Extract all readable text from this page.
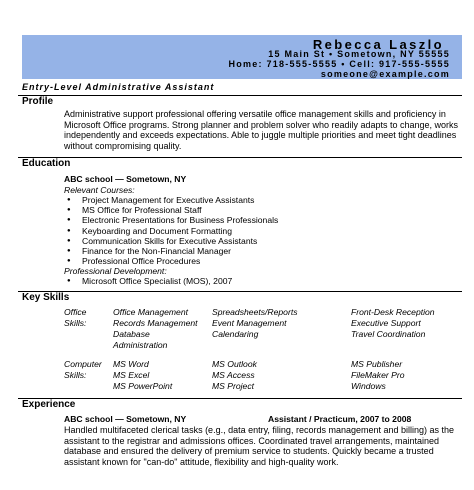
Rebecca Laszlo
15 Main St • Sometown, NY 55555
Home: 718-555-5555 • Cell: 917-555-5555
someone@example.com
Entry-Level Administrative Assistant
Profile
Administrative support professional offering versatile office management skills and proficiency in Microsoft Office programs. Strong planner and problem solver who readily adapts to change, works independently and exceeds expectations. Able to juggle multiple priorities and meet tight deadlines without compromising quality.
Education
ABC school — Sometown, NY
Relevant Courses:
● Project Management for Executive Assistants
● MS Office for Professional Staff
● Electronic Presentations for Business Professionals
● Keyboarding and Document Formatting
● Communication Skills for Executive Assistants
● Finance for the Non-Financial Manager
● Professional Office Procedures
Professional Development:
● Microsoft Office Specialist (MOS), 2007
Key Skills
Office Skills:
Office Management
Records Management
Database Administration
Spreadsheets/Reports
Event Management
Calendaring
Front-Desk Reception
Executive Support
Travel Coordination
Computer Skills:
MS Word
MS Excel
MS PowerPoint
MS Outlook
MS Access
MS Project
MS Publisher
FileMaker Pro
Windows
Experience
ABC school — Sometown, NY	Assistant / Practicum, 2007 to 2008
Handled multifaceted clerical tasks (e.g., data entry, filing, records management and billing) as the assistant to the registrar and admissions offices. Coordinated travel arrangements, maintained database and ensured the delivery of premium service to students. Quickly became a trusted assistant known for "can-do" attitude, flexibility and high-quality work.
